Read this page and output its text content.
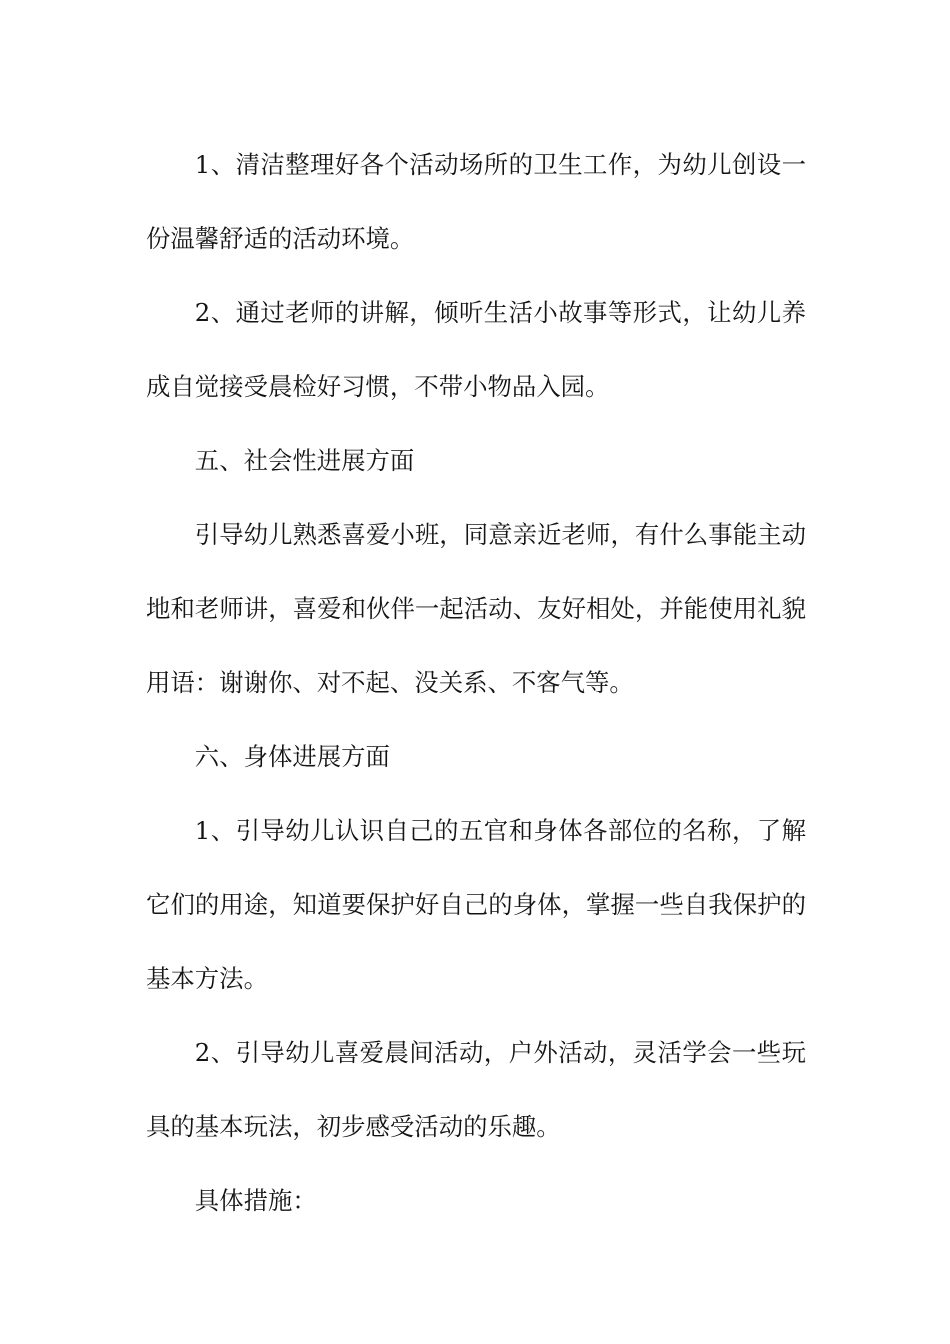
1、清洁整理好各个活动场所的卫生工作，为幼儿创设一份温馨舒适的活动环境。

2、通过老师的讲解，倾听生活小故事等形式，让幼儿养成自觉接受晨检好习惯，不带小物品入园。

五、社会性进展方面

引导幼儿熟悉喜爱小班，同意亲近老师，有什么事能主动地和老师讲，喜爱和伙伴一起活动、友好相处，并能使用礼貌用语：谢谢你、对不起、没关系、不客气等。

六、身体进展方面

1、引导幼儿认识自己的五官和身体各部位的名称，了解它们的用途，知道要保护好自己的身体，掌握一些自我保护的基本方法。

2、引导幼儿喜爱晨间活动，户外活动，灵活学会一些玩具的基本玩法，初步感受活动的乐趣。

具体措施：
